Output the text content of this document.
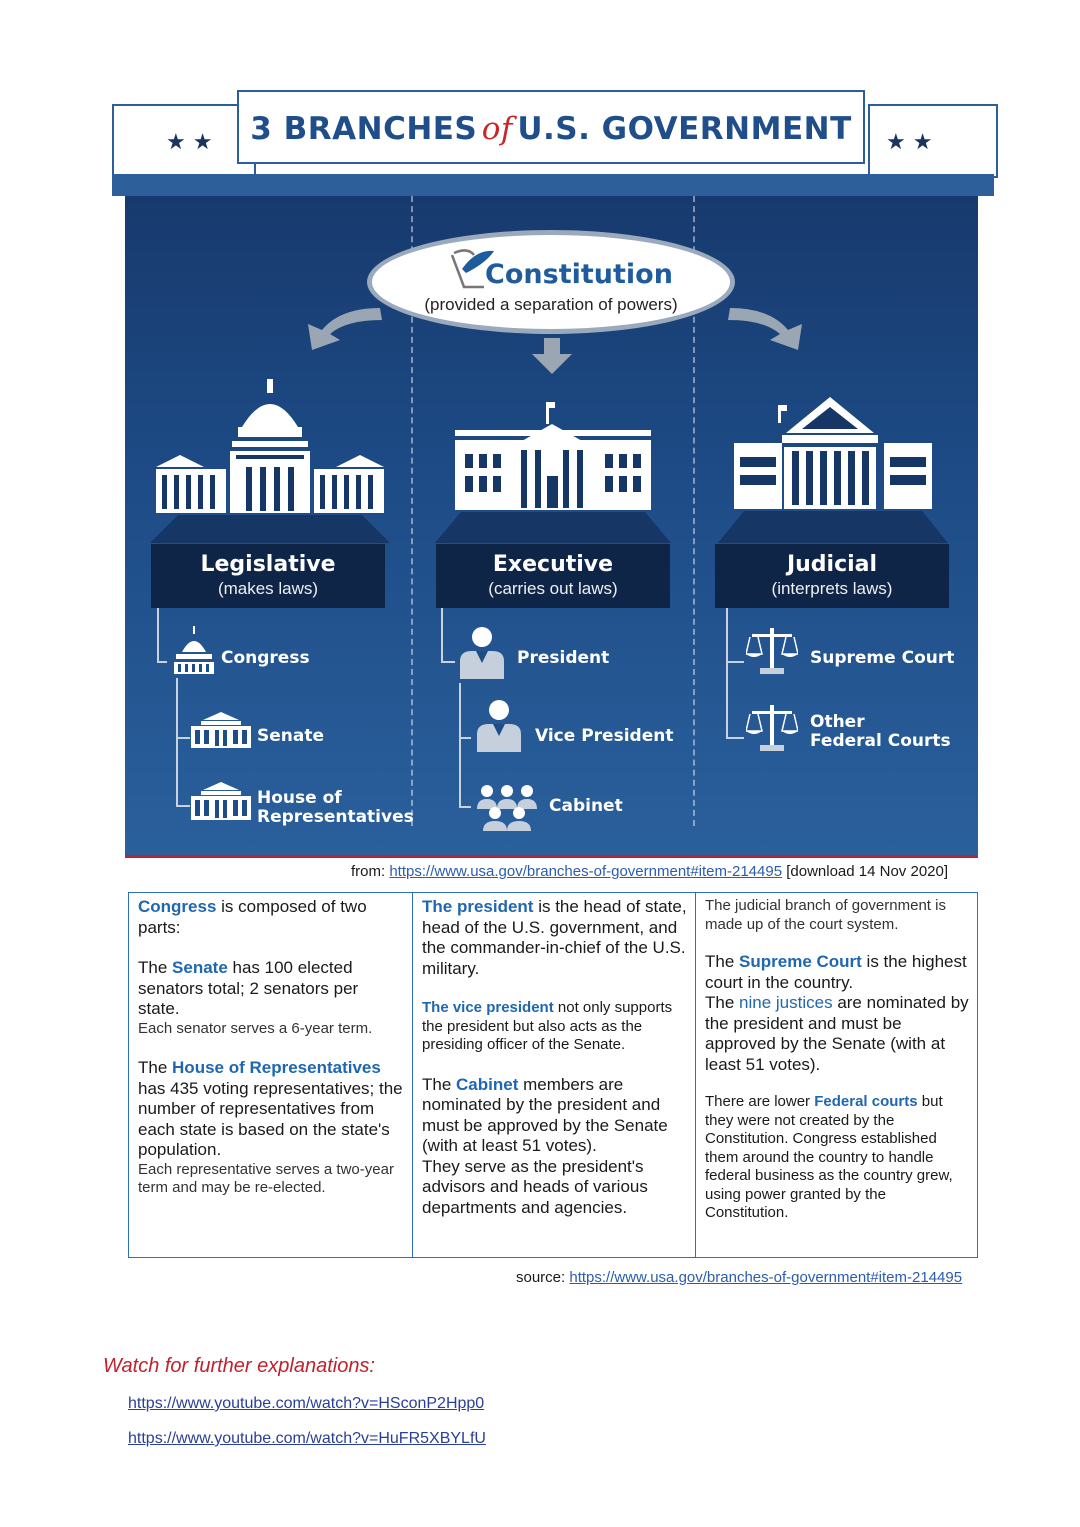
★ ★	★ ★
3 BRANCHES of U.S. GOVERNMENT
Constitution
(provided a separation of powers)
Legislative
(makes laws)
Executive
(carries out laws)
Judicial
(interprets laws)
Congress
Senate
House of
Representatives
President
Vice President
Cabinet
Supreme Court
Other
Federal Courts
from: https://www.usa.gov/branches-of-government#item-214495 [download 14 Nov 2020]

Congress is composed of two parts:

The Senate has 100 elected senators total; 2 senators per state.

Each senator serves a 6-year term.

The House of Representatives has 435 voting representatives; the number of representatives from each state is based on the state's population.

Each representative serves a two-year term and may be re-elected.

The president is the head of state, head of the U.S. government, and the commander-in-chief of the U.S. military.

The vice president not only supports the president but also acts as the presiding officer of the Senate.

The Cabinet members are nominated by the president and must be approved by the Senate (with at least 51 votes).

They serve as the president's advisors and heads of various departments and agencies.

The judicial branch of government is made up of the court system.

The Supreme Court is the highest court in the country.

The nine justices are nominated by the president and must be approved by the Senate (with at least 51 votes).

There are lower Federal courts but they were not created by the Constitution. Congress established them around the country to handle federal business as the country grew, using power granted by the Constitution.

source: https://www.usa.gov/branches-of-government#item-214495
Watch for further explanations:
https://www.youtube.com/watch?v=HSconP2Hpp0
https://www.youtube.com/watch?v=HuFR5XBYLfU
